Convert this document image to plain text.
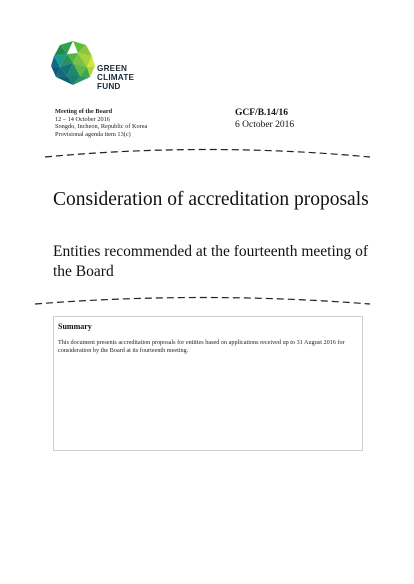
GREEN
CLIMATE
FUND
Meeting of the Board
12 – 14 October 2016
Songdo, Incheon, Republic of Korea
Provisional agenda item 13(c)
GCF/B.14/16
6 October 2016
Consideration of accreditation proposals
Entities recommended at the fourteenth meeting of the Board
Summary
This document presents accreditation proposals for entities based on applications received up to 31 August 2016 for consideration by the Board at its fourteenth meeting.
